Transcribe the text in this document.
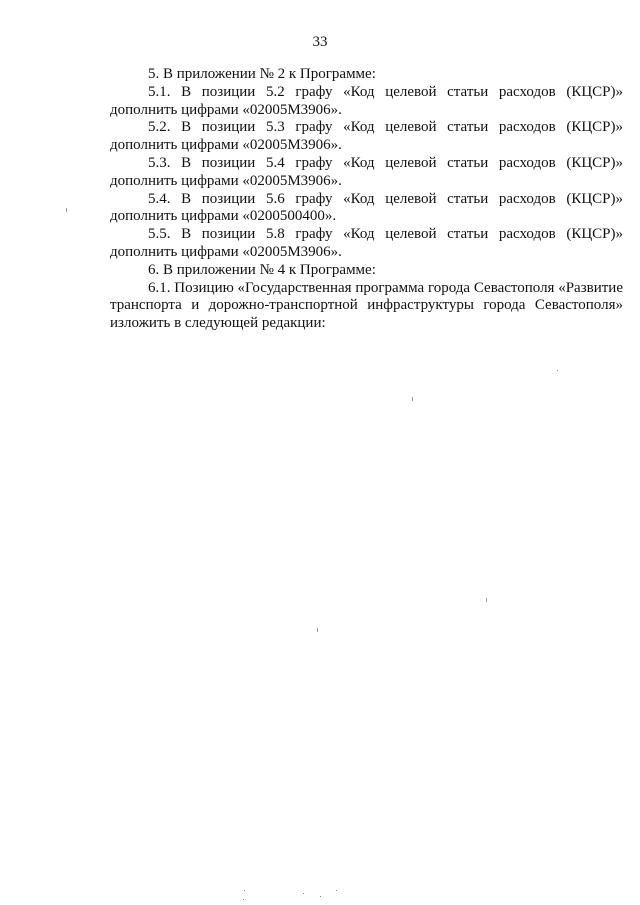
33

5. В приложении № 2 к Программе:

5.1. В позиции 5.2 графу «Код целевой статьи расходов (КЦСР)» дополнить цифрами «02005М3906».

5.2. В позиции 5.3 графу «Код целевой статьи расходов (КЦСР)» дополнить цифрами «02005М3906».

5.3. В позиции 5.4 графу «Код целевой статьи расходов (КЦСР)» дополнить цифрами «02005М3906».

5.4. В позиции 5.6 графу «Код целевой статьи расходов (КЦСР)» дополнить цифрами «0200500400».

5.5. В позиции 5.8 графу «Код целевой статьи расходов (КЦСР)» дополнить цифрами «02005М3906».

6. В приложении № 4 к Программе:

6.1. Позицию «Государственная программа города Севастополя «Развитие транспорта и дорожно-транспортной инфраструктуры города Севастополя» изложить в следующей редакции:
